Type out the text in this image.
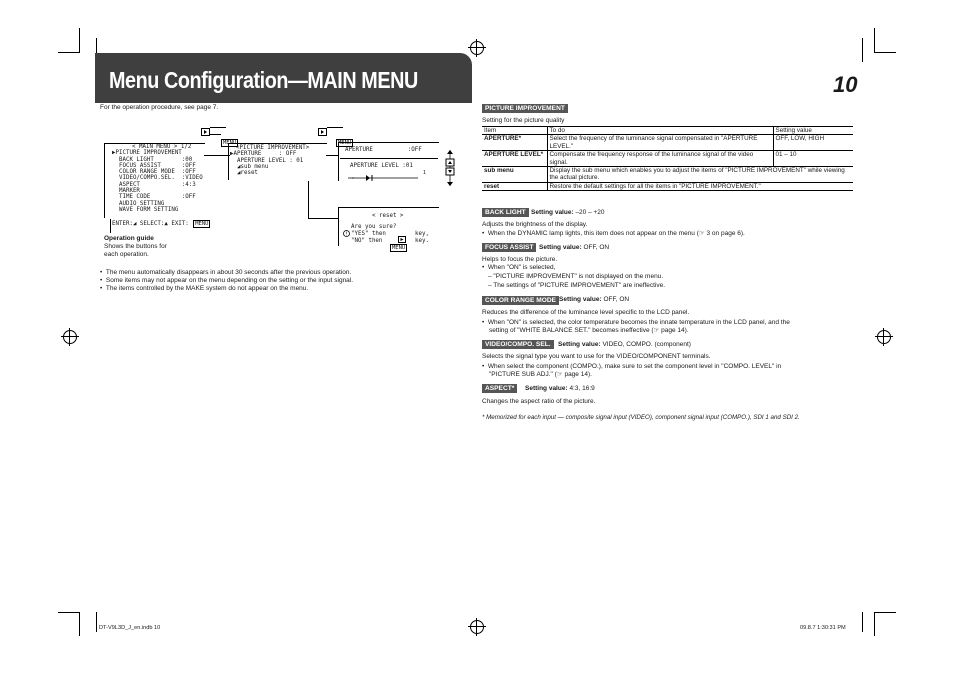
Menu Configuration—MAIN MENU	10
For the operation procedure, see page 7.
< MAIN MENU > 1/2
▶PICTURE IMPROVEMENT
BACK LIGHT        :00
FOCUS ASSIST      :OFF
COLOR RANGE MODE  :OFF
VIDEO/COMPO.SEL.  :VIDEO
ASPECT            :4:3
MARKER
TIME CODE         :OFF
AUDIO SETTING
WAVE FORM SETTING
ENTER:◢ SELECT:▲ EXIT: MENU
MENU
<PICTURE IMPROVEMENT>
▶APERTURE     : OFF
APERTURE LEVEL : 01
◢sub menu
◢reset
MENU
APERTURE          :OFF
APERTURE LEVEL :01
1
< reset >
!
Are you sure?
"YES" then	key,
"NO" then
MENU
key.
Operation guide
Shows the buttons for
each operation.
•  The menu automatically disappears in about 30 seconds after the previous operation.
•  Some items may not appear on the menu depending on the setting or the input signal.
•  The items controlled by the MAKE system do not appear on the menu.
PICTURE IMPROVEMENT
Setting for the picture quality
Item	To do	Setting value
APERTURE*	Select the frequency of the luminance signal compensated in "APERTURE LEVEL."	OFF, LOW, HIGH
APERTURE LEVEL*	Compensate the frequency response of the luminance signal of the video signal.	01 – 10
sub menu	Display the sub menu which enables you to adjust the items of "PICTURE IMPROVEMENT" while viewing the actual picture.	
reset	Restore the default settings for all the items in "PICTURE IMPROVEMENT."	
BACK LIGHT Setting value: –20 – +20
Adjusts the brightness of the display.
•  When the DYNAMIC lamp lights, this item does not appear on the menu (☞ 3 on page 6).
FOCUS ASSIST Setting value: OFF, ON
Helps to focus the picture.
•  When "ON" is selected,
– "PICTURE IMPROVEMENT" is not displayed on the menu.
– The settings of "PICTURE IMPROVEMENT" are ineffective.
COLOR RANGE MODE Setting value: OFF, ON
Reduces the difference of the luminance level specific to the LCD panel.
•  When "ON" is selected, the color temperature becomes the innate temperature in the LCD panel, and the
setting of "WHITE BALANCE SET." becomes ineffective (☞ page 14).
VIDEO/COMPO. SEL.	Setting value: VIDEO, COMPO. (component)
Selects the signal type you want to use for the VIDEO/COMPONENT terminals.
•  When select the component (COMPO.), make sure to set the component level in "COMPO. LEVEL" in
"PICTURE SUB ADJ." (☞ page 14).
ASPECT*	Setting value: 4:3, 16:9
Changes the aspect ratio of the picture.
* Memorized for each input — composite signal input (VIDEO), component signal input (COMPO.), SDI 1 and SDI 2.
DT-V9L3D_J_en.indb 10	09.8.7 1:30:31 PM
